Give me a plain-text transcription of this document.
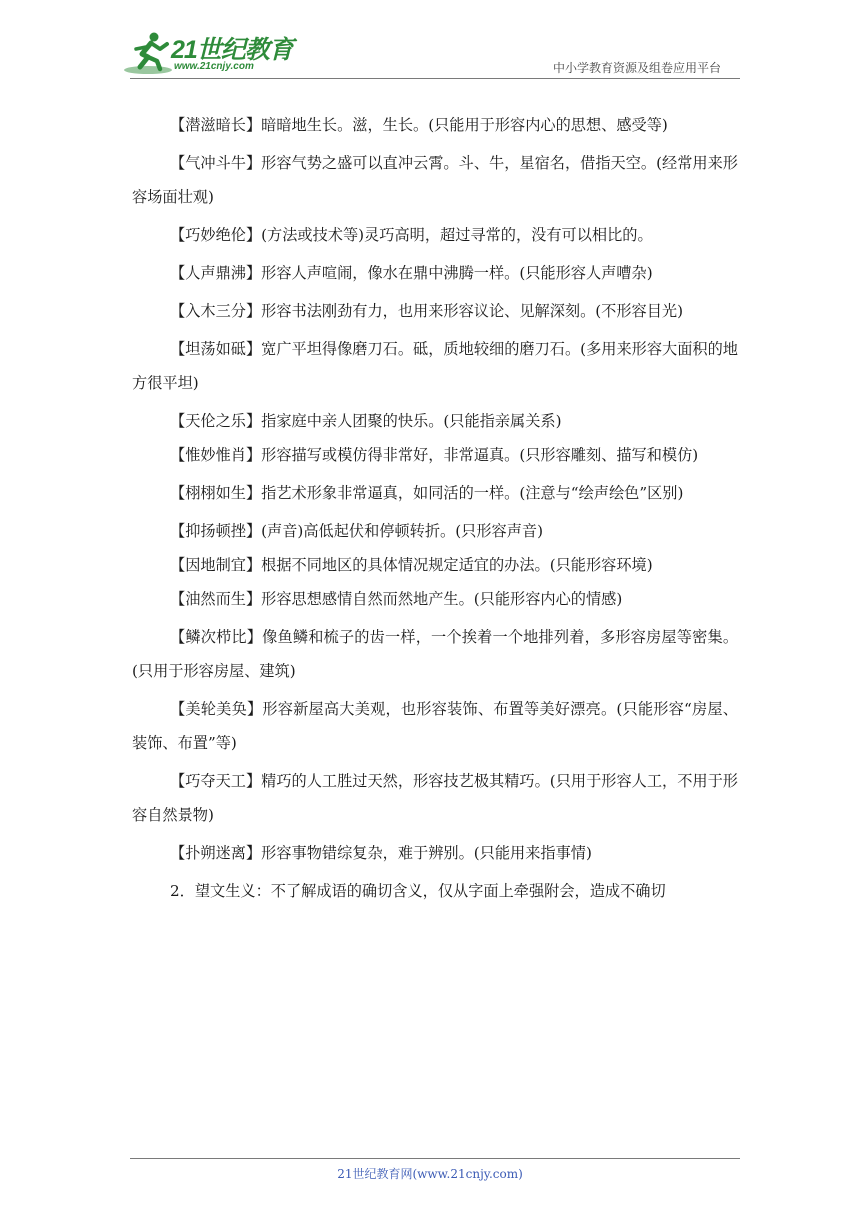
21世纪教育
www.21cnjy.com	中小学教育资源及组卷应用平台

【潜滋暗长】暗暗地生长。滋，生长。(只能用于形容内心的思想、感受等)

【气冲斗牛】形容气势之盛可以直冲云霄。斗、牛，星宿名，借指天空。(经常用来形容场面壮观)

【巧妙绝伦】(方法或技术等)灵巧高明，超过寻常的，没有可以相比的。

【人声鼎沸】形容人声喧闹，像水在鼎中沸腾一样。(只能形容人声嘈杂)

【入木三分】形容书法刚劲有力，也用来形容议论、见解深刻。(不形容目光)

【坦荡如砥】宽广平坦得像磨刀石。砥，质地较细的磨刀石。(多用来形容大面积的地方很平坦)

【天伦之乐】指家庭中亲人团聚的快乐。(只能指亲属关系)

【惟妙惟肖】形容描写或模仿得非常好，非常逼真。(只形容雕刻、描写和模仿)

【栩栩如生】指艺术形象非常逼真，如同活的一样。(注意与“绘声绘色”区别)

【抑扬顿挫】(声音)高低起伏和停顿转折。(只形容声音)

【因地制宜】根据不同地区的具体情况规定适宜的办法。(只能形容环境)

【油然而生】形容思想感情自然而然地产生。(只能形容内心的情感)

【鳞次栉比】像鱼鳞和梳子的齿一样，一个挨着一个地排列着，多形容房屋等密集。(只用于形容房屋、建筑)

【美轮美奂】形容新屋高大美观，也形容装饰、布置等美好漂亮。(只能形容“房屋、装饰、布置”等)

【巧夺天工】精巧的人工胜过天然，形容技艺极其精巧。(只用于形容人工，不用于形容自然景物)

【扑朔迷离】形容事物错综复杂，难于辨别。(只能用来指事情)

2．望文生义：不了解成语的确切含义，仅从字面上牵强附会，造成不确切

21世纪教育网(www.21cnjy.com)
